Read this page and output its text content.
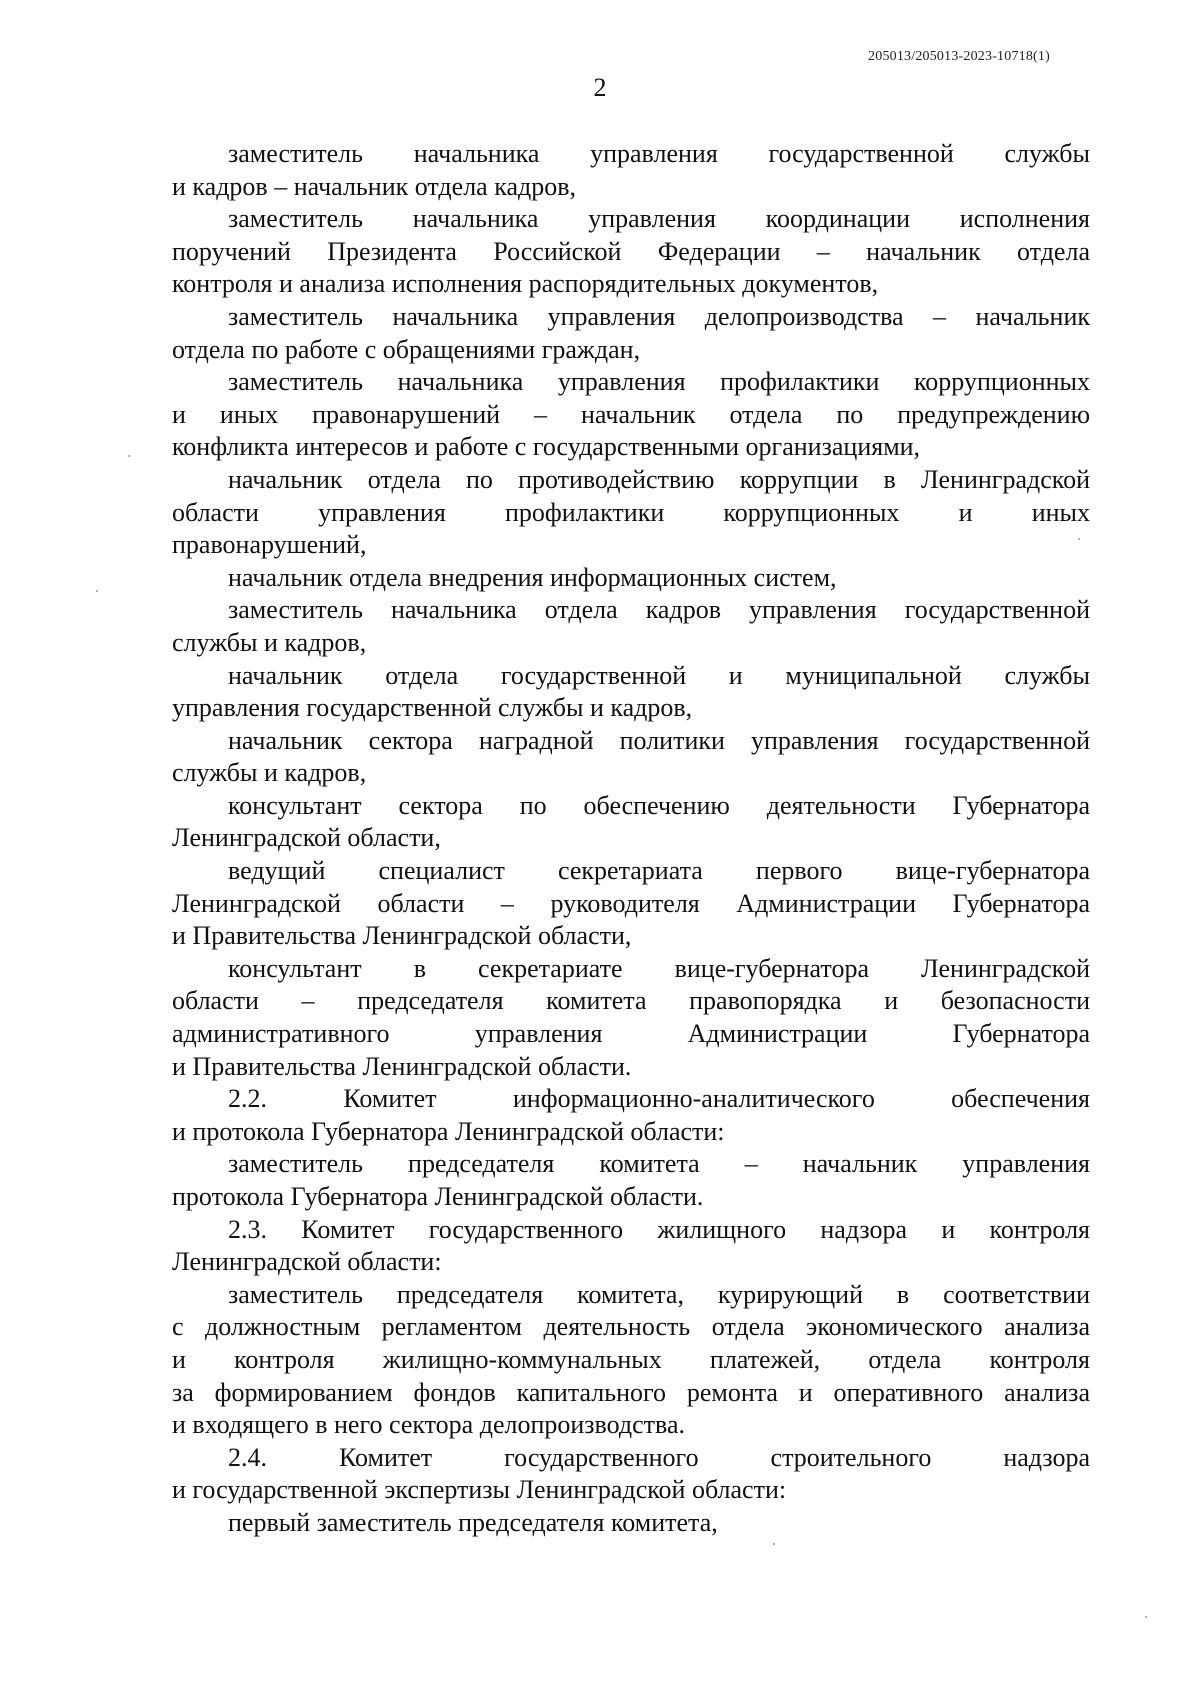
205013/205013-2023-10718(1)
2
заместитель начальника управления государственной службы
и кадров – начальник отдела кадров,
заместитель начальника управления координации исполнения
поручений Президента Российской Федерации – начальник отдела
контроля и анализа исполнения распорядительных документов,
заместитель начальника управления делопроизводства – начальник
отдела по работе с обращениями граждан,
заместитель начальника управления профилактики коррупционных
и иных правонарушений – начальник отдела по предупреждению
конфликта интересов и работе с государственными организациями,
начальник отдела по противодействию коррупции в Ленинградской
области управления профилактики коррупционных и иных
правонарушений,
начальник отдела внедрения информационных систем,
заместитель начальника отдела кадров управления государственной
службы и кадров,
начальник отдела государственной и муниципальной службы
управления государственной службы и кадров,
начальник сектора наградной политики управления государственной
службы и кадров,
консультант сектора по обеспечению деятельности Губернатора
Ленинградской области,
ведущий специалист секретариата первого вице-губернатора
Ленинградской области – руководителя Администрации Губернатора
и Правительства Ленинградской области,
консультант в секретариате вице-губернатора Ленинградской
области – председателя комитета правопорядка и безопасности
административного управления Администрации Губернатора
и Правительства Ленинградской области.
2.2. Комитет информационно-аналитического обеспечения
и протокола Губернатора Ленинградской области:
заместитель председателя комитета – начальник управления
протокола Губернатора Ленинградской области.
2.3. Комитет государственного жилищного надзора и контроля
Ленинградской области:
заместитель председателя комитета, курирующий в соответствии
с должностным регламентом деятельность отдела экономического анализа
и контроля жилищно-коммунальных платежей, отдела контроля
за формированием фондов капитального ремонта и оперативного анализа
и входящего в него сектора делопроизводства.
2.4. Комитет государственного строительного надзора
и государственной экспертизы Ленинградской области:
первый заместитель председателя комитета,
